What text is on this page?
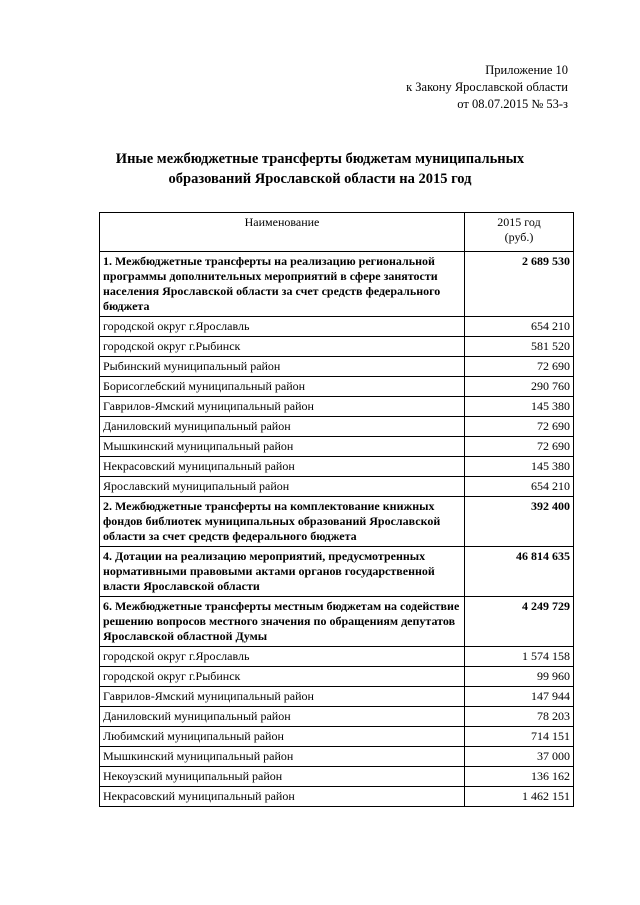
Приложение 10
к Закону Ярославской области
от 08.07.2015 № 53-з
Иные межбюджетные трансферты бюджетам муниципальных
образований Ярославской области на 2015 год
Наименование	2015 год
(руб.)

1. Межбюджетные трансферты на реализацию региональной программы дополнительных мероприятий в сфере занятости населения Ярославской области за счет средств федерального бюджета	2 689 530
городской округ г.Ярославль	654 210
городской округ г.Рыбинск	581 520
Рыбинский муниципальный район	72 690
Борисоглебский муниципальный район	290 760
Гаврилов-Ямский муниципальный район	145 380
Даниловский муниципальный район	72 690
Мышкинский муниципальный район	72 690
Некрасовский муниципальный район	145 380
Ярославский муниципальный район	654 210
2. Межбюджетные трансферты на комплектование книжных фондов библиотек муниципальных образований Ярославской области за счет средств федерального бюджета	392 400
4. Дотации на реализацию мероприятий, предусмотренных нормативными правовыми актами органов государственной власти Ярославской области	46 814 635
6. Межбюджетные трансферты местным бюджетам на содействие решению вопросов местного значения по обращениям депутатов Ярославской областной Думы	4 249 729
городской округ г.Ярославль	1 574 158
городской округ г.Рыбинск	99 960
Гаврилов-Ямский муниципальный район	147 944
Даниловский муниципальный район	78 203
Любимский муниципальный район	714 151
Мышкинский муниципальный район	37 000
Некоузский муниципальный район	136 162
Некрасовский муниципальный район	1 462 151
